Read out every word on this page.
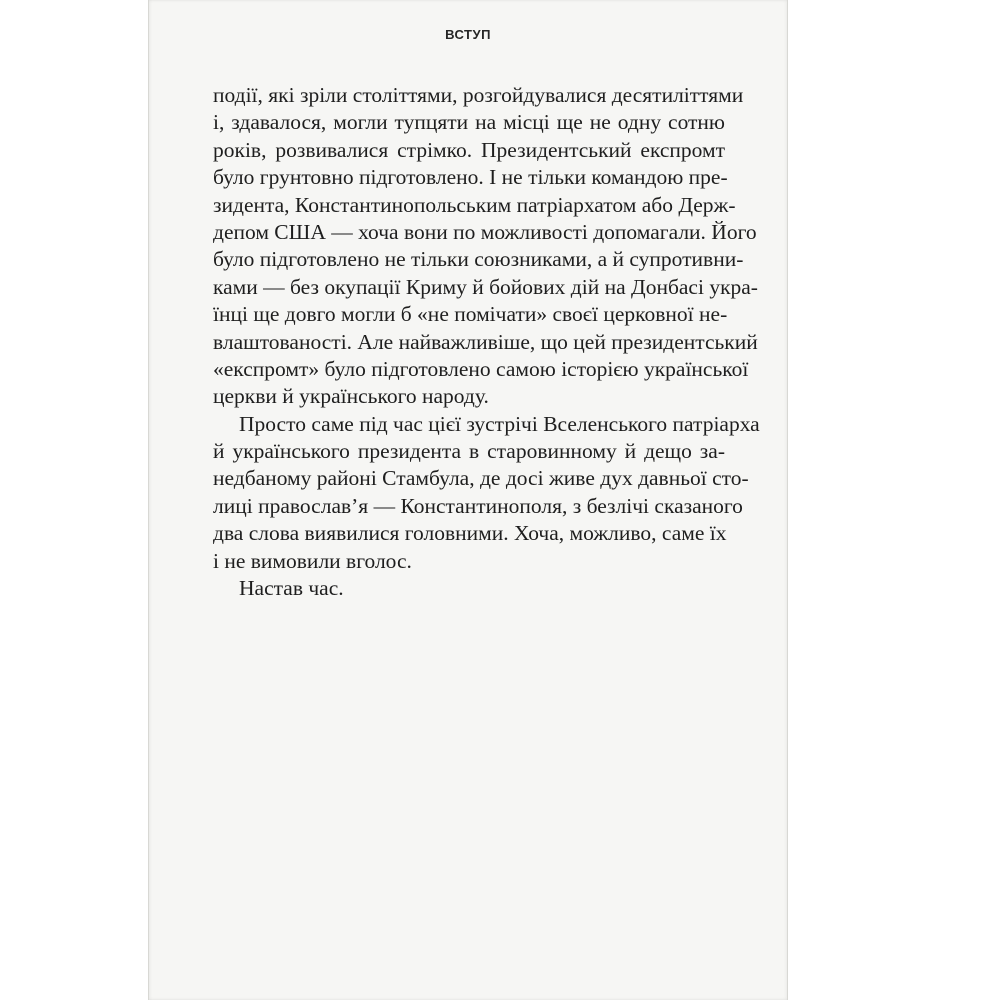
ВСТУП
події, які зріли століттями, розгойдувалися десятиліттями
і, здавалося, могли тупцяти на місці ще не одну сотню
років, розвивалися стрімко. Президентський експромт
було грунтовно підготовлено. І не тільки командою пре-
зидента, Константинопольським патріархатом або Держ-
депом США — хоча вони по можливості допомагали. Його
було підготовлено не тільки союзниками, а й супротивни-
ками — без окупації Криму й бойових дій на Донбасі укра-
їнці ще довго могли б «не помічати» своєї церковної не-
влаштованості. Але найважливіше, що цей президентський
«експромт» було підготовлено самою історією української
церкви й українського народу.
Просто саме під час цієї зустрічі Вселенського патріарха
й українського президента в старовинному й дещо за-
недбаному районі Стамбула, де досі живе дух давньої сто-
лиці православ’я — Константинополя, з безлічі сказаного
два слова виявилися головними. Хоча, можливо, саме їх
і не вимовили вголос.
Настав час.
